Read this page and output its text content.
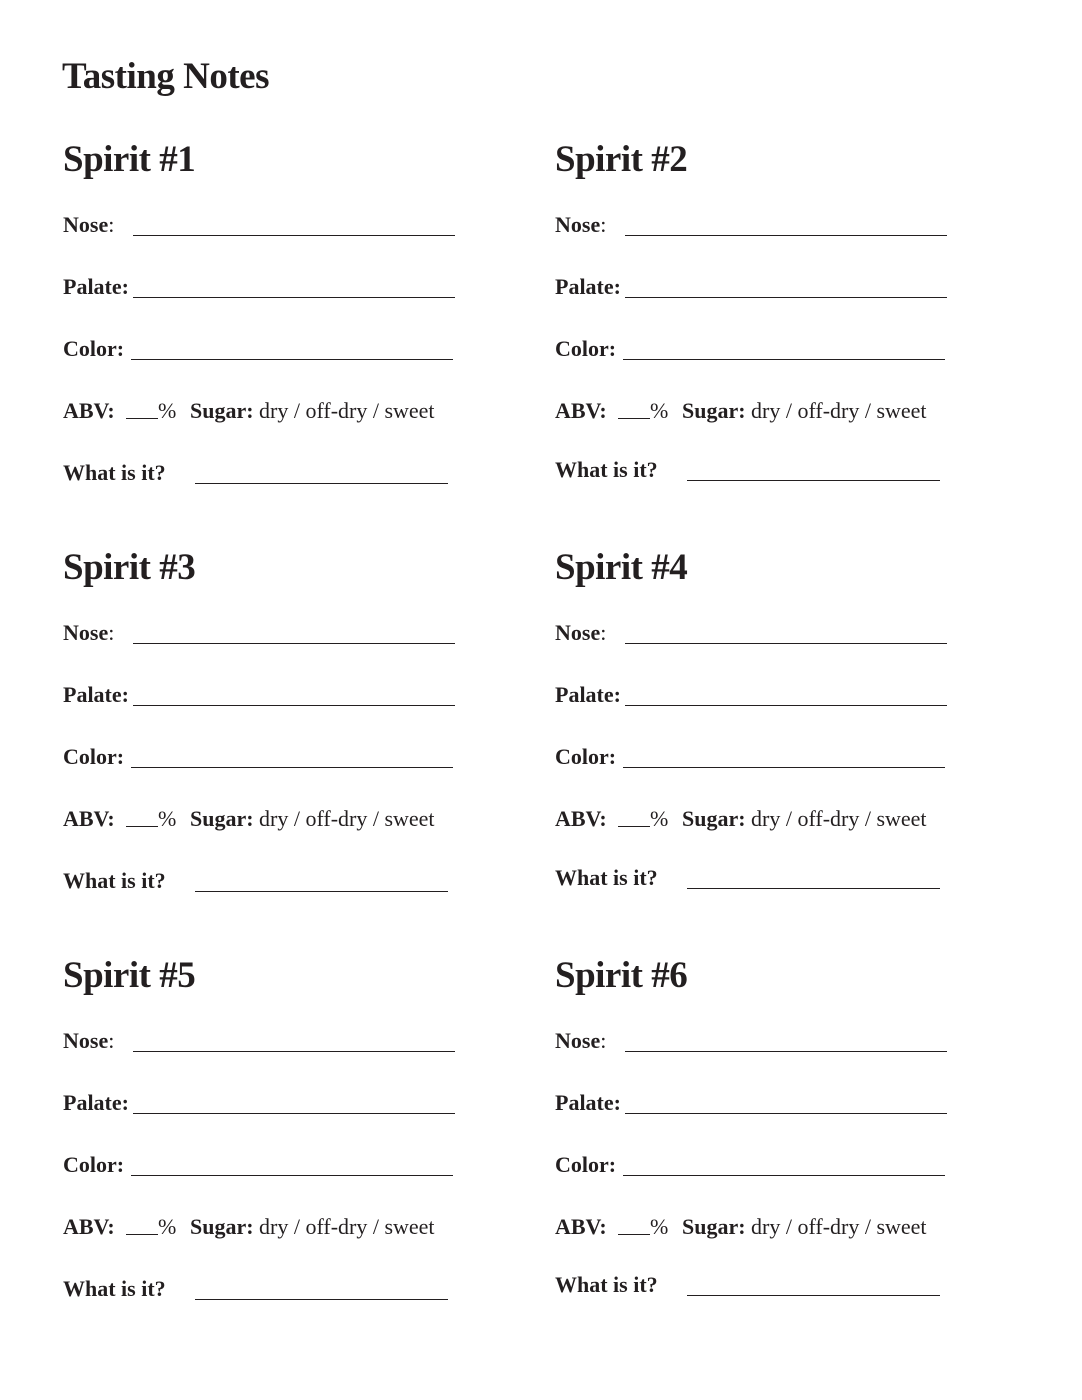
Tasting Notes
Spirit #1
Nose:
Palate:
Color:
ABV: % Sugar: dry / off-dry / sweet
What is it?
Spirit #2
Nose:
Palate:
Color:
ABV: % Sugar: dry / off-dry / sweet
What is it?
Spirit #3
Nose:
Palate:
Color:
ABV: % Sugar: dry / off-dry / sweet
What is it?
Spirit #4
Nose:
Palate:
Color:
ABV: % Sugar: dry / off-dry / sweet
What is it?
Spirit #5
Nose:
Palate:
Color:
ABV: % Sugar: dry / off-dry / sweet
What is it?
Spirit #6
Nose:
Palate:
Color:
ABV: % Sugar: dry / off-dry / sweet
What is it?
